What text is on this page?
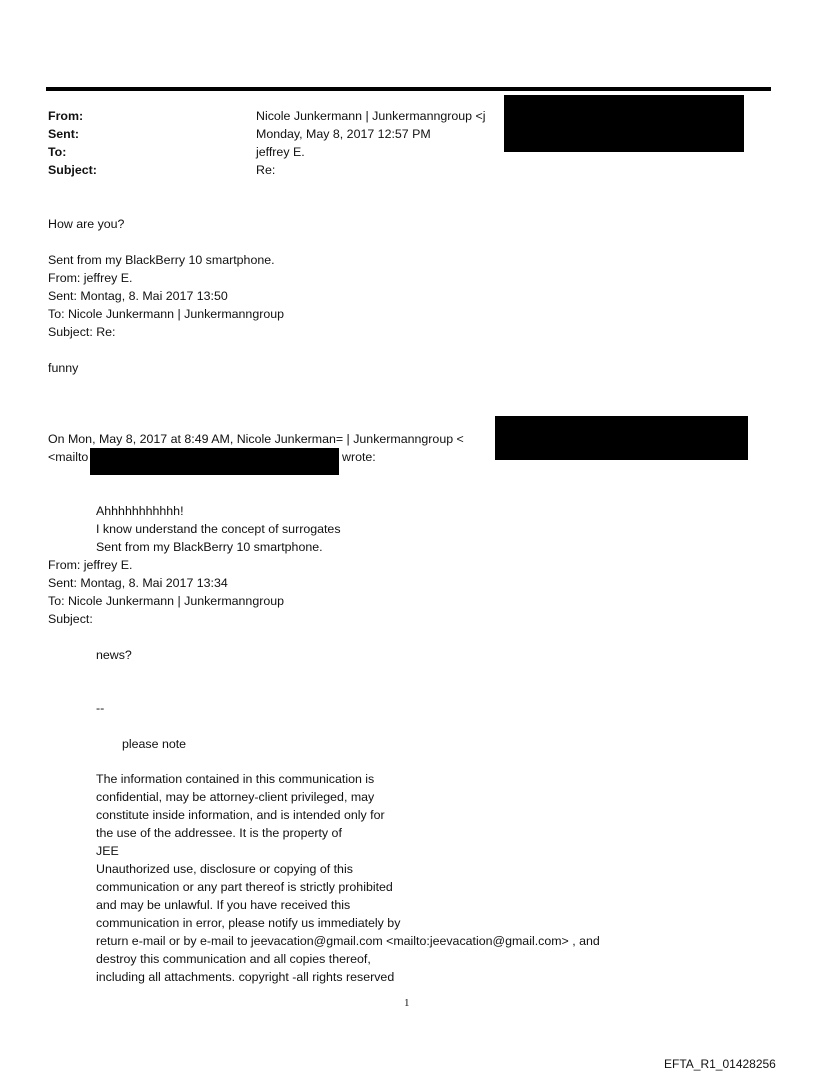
From:	Nicole Junkermann | Junkermanngroup <j
Sent:	Monday, May 8, 2017 12:57 PM
To:	jeffrey E.
Subject:	Re:
How are you?
Sent from my BlackBerry 10 smartphone.
From: jeffrey E.
Sent: Montag, 8. Mai 2017 13:50
To: Nicole Junkermann | Junkermanngroup
Subject: Re:
funny
On Mon, May 8, 2017 at 8:49 AM, Nicole Junkerman= | Junkermanngroup <
<mailto	wrote:
Ahhhhhhhhhhh!
I know understand the concept of surrogates
Sent from my BlackBerry 10 smartphone.
From: jeffrey E.
Sent: Montag, 8. Mai 2017 13:34
To: Nicole Junkermann | Junkermanngroup
Subject:
news?
--
please note
The information contained in this communication is
confidential, may be attorney-client privileged, may
constitute inside information, and is intended only for
the use of the addressee. It is the property of
JEE
Unauthorized use, disclosure or copying of this
communication or any part thereof is strictly prohibited
and may be unlawful. If you have received this
communication in error, please notify us immediately by
return e-mail or by e-mail to jeevacation@gmail.com <mailto:jeevacation@gmail.com> , and
destroy this communication and all copies thereof,
including all attachments. copyright -all rights reserved
1
EFTA_R1_01428256
